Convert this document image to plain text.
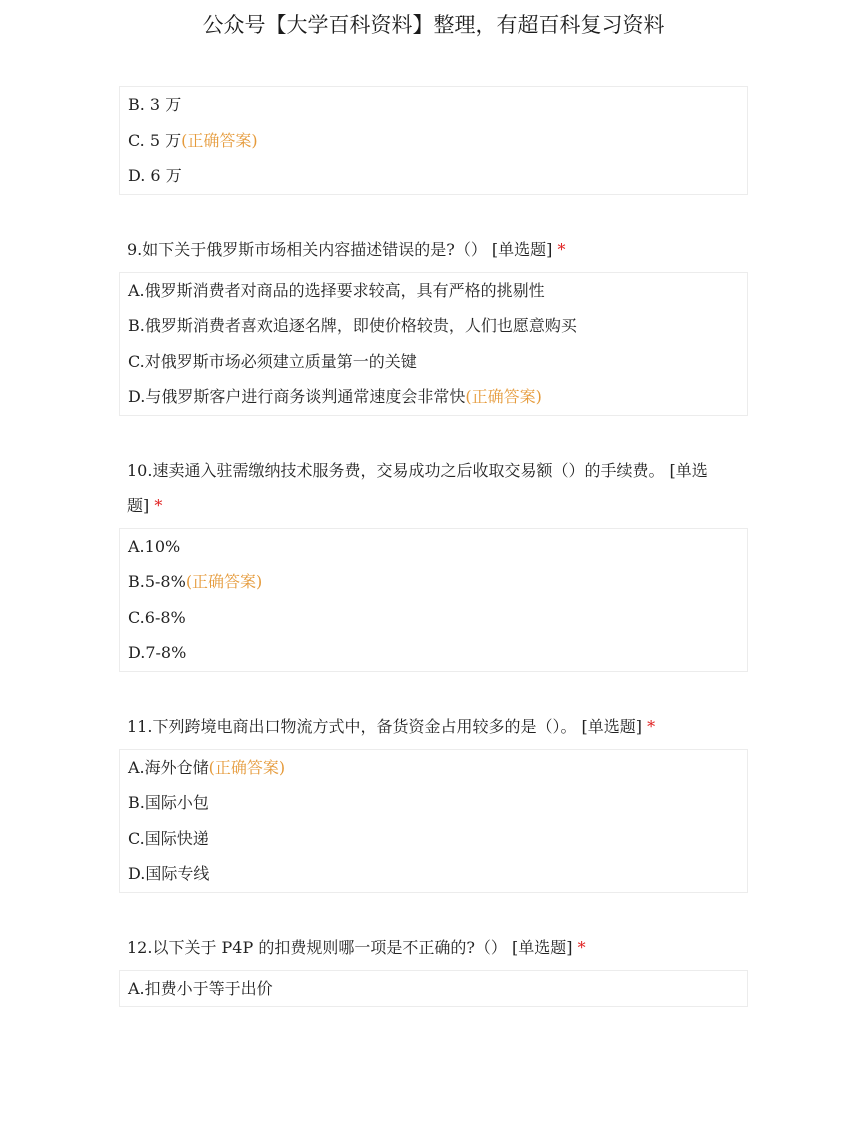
公众号【大学百科资料】整理，有超百科复习资料
B. 3 万
C. 5 万(正确答案)
D. 6 万
9.如下关于俄罗斯市场相关内容描述错误的是?（） [单选题] *
A.俄罗斯消费者对商品的选择要求较高，具有严格的挑剔性
B.俄罗斯消费者喜欢追逐名牌，即使价格较贵，人们也愿意购买
C.对俄罗斯市场必须建立质量第一的关键
D.与俄罗斯客户进行商务谈判通常速度会非常快(正确答案)
10.速卖通入驻需缴纳技术服务费，交易成功之后收取交易额（）的手续费。 [单选
题] *
A.10%
B.5-8%(正确答案)
C.6-8%
D.7-8%
11.下列跨境电商出口物流方式中，备货资金占用较多的是（）。 [单选题] *
A.海外仓储(正确答案)
B.国际小包
C.国际快递
D.国际专线
12.以下关于 P4P 的扣费规则哪一项是不正确的?（） [单选题] *
A.扣费小于等于出价
